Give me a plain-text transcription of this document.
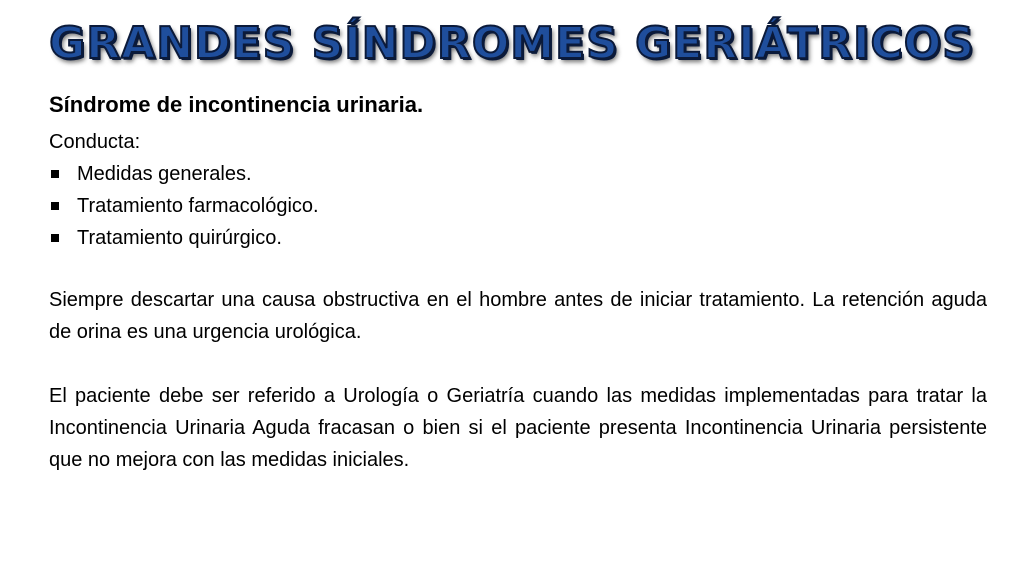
GRANDES SÍNDROMES GERIÁTRICOS
Síndrome de incontinencia urinaria.
Conducta:
Medidas generales.
Tratamiento farmacológico.
Tratamiento quirúrgico.

Siempre descartar una causa obstructiva en el hombre antes de iniciar tratamiento. La retención aguda de orina es una urgencia urológica.

El paciente debe ser referido a Urología o Geriatría cuando las medidas implementadas para tratar la Incontinencia Urinaria Aguda fracasan o bien si el paciente presenta Incontinencia Urinaria persistente que no mejora con las medidas iniciales.
